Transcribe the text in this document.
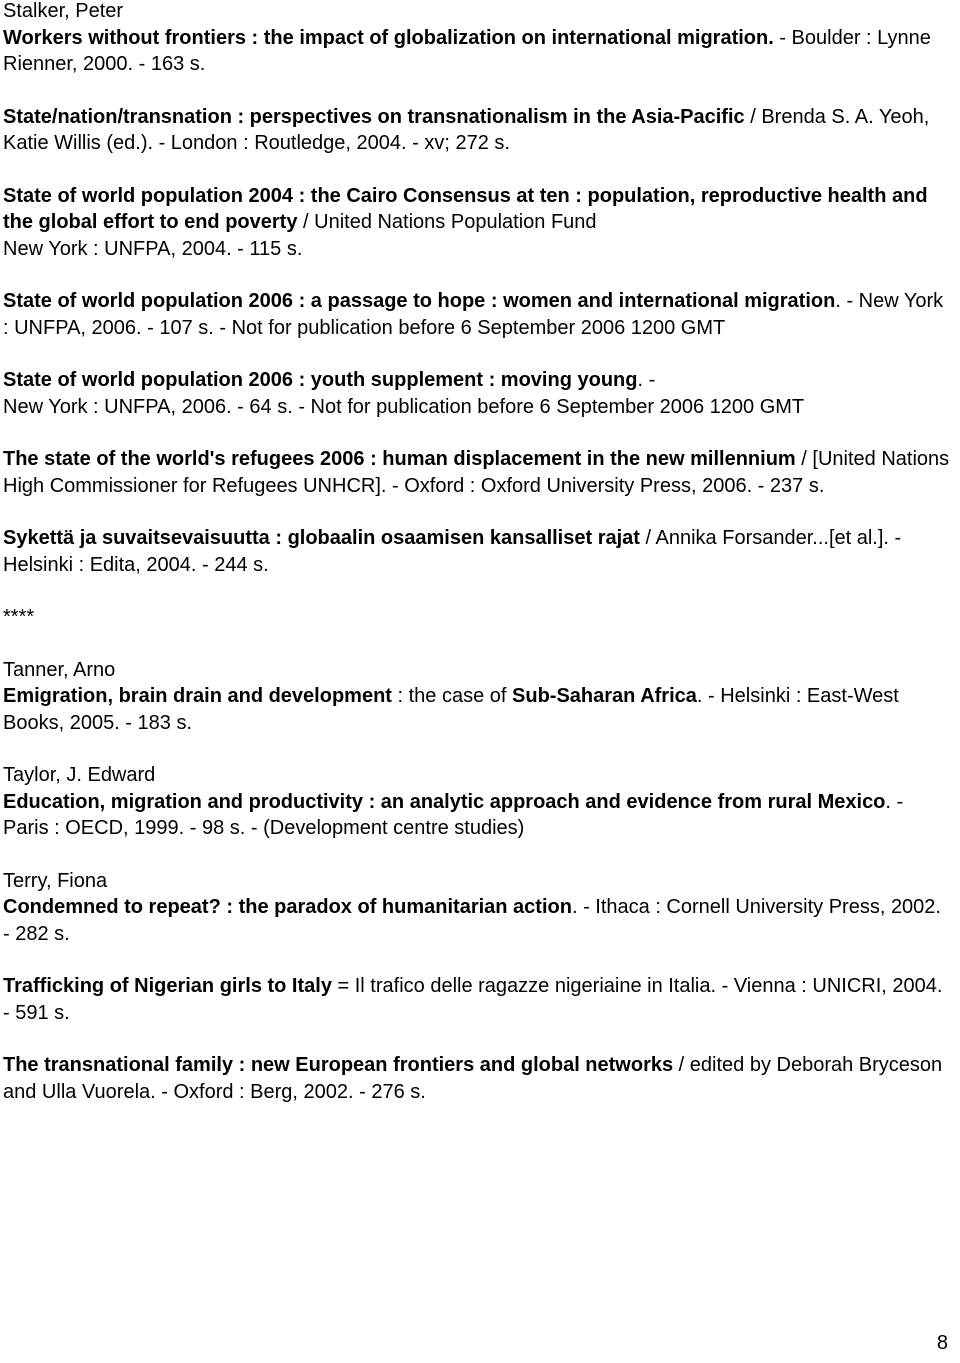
Stalker, Peter
Workers without frontiers : the impact of globalization on international migration. - Boulder : Lynne Rienner, 2000. - 163 s.

State/nation/transnation : perspectives on transnationalism in the Asia-Pacific / Brenda S. A. Yeoh, Katie Willis (ed.). - London : Routledge, 2004. - xv; 272 s.

State of world population 2004 : the Cairo Consensus at ten : population, reproductive health and the global effort to end poverty / United Nations Population Fund
New York : UNFPA, 2004. - 115 s.

State of world population 2006 : a passage to hope : women and international migration. - New York : UNFPA, 2006. - 107 s. - Not for publication before 6 September 2006 1200 GMT

State of world population 2006 : youth supplement : moving young. -
New York : UNFPA, 2006. - 64 s. - Not for publication before 6 September 2006 1200 GMT

The state of the world's refugees 2006 : human displacement in the new millennium / [United Nations High Commissioner for Refugees UNHCR]. - Oxford : Oxford University Press, 2006. - 237 s.

Sykettä ja suvaitsevaisuutta : globaalin osaamisen kansalliset rajat / Annika Forsander...[et al.]. - Helsinki : Edita, 2004. - 244 s.

****

Tanner, Arno
Emigration, brain drain and development : the case of Sub-Saharan Africa. - Helsinki : East-West Books, 2005. - 183 s.

Taylor, J. Edward
Education, migration and productivity : an analytic approach and evidence from rural Mexico. - Paris : OECD, 1999. - 98 s. - (Development centre studies)

Terry, Fiona
Condemned to repeat? : the paradox of humanitarian action. - Ithaca : Cornell University Press, 2002. - 282 s.

Trafficking of Nigerian girls to Italy = Il trafico delle ragazze nigeriaine in Italia. - Vienna : UNICRI, 2004. - 591 s.

The transnational family : new European frontiers and global networks / edited by Deborah Bryceson and Ulla Vuorela. - Oxford : Berg, 2002. - 276 s.

8
